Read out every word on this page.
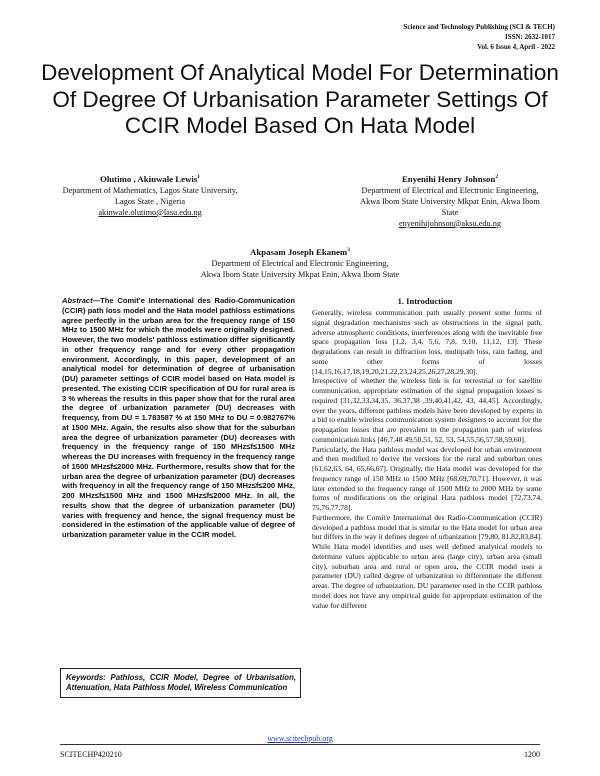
Science and Technology Publishing (SCI & TECH)
ISSN: 2632-1017
Vol. 6 Issue 4, April - 2022
Development Of Analytical Model For Determination Of Degree Of Urbanisation Parameter Settings Of CCIR Model Based On Hata Model
Olutimo , Akinwale Lewis$^1$
Department of Mathematics, Lagos State University,
Lagos State , Nigeria
akinwale.olutimo@lasu.edu.ng
Enyenihi Henry Johnson$^2$
Department of Electrical and Electronic Engineering,
Akwa Ibom State University Mkpat Enin, Akwa Ibom State
enyenihijohnson@aksu.edu.ng
Akpasam Joseph Ekanem$^3$
Department of Electrical and Electronic Engineering,
Akwa Ibom State University Mkpat Enin, Akwa Ibom State
Abstract—The Comit'e International des Radio-Communication (CCIR) path loss model and the Hata model pathloss estimations agree perfectly in the urban area for the frequency range of 150 MHz to 1500 MHz for which the models were originally designed. However, the two models' pathloss estimation differ significantly in other frequency range and for every other propagation environment. Accordingly, in this paper, development of an analytical model for determination of degree of urbanisation (DU) parameter settings of CCIR model based on Hata model is presented. The existing CCIR specification of DU for rural area is 3 % whereas the results in this paper show that for the rural area the degree of urbanization parameter (DU) decreases with frequency, from DU = 1.783587 % at 150 MHz to DU = 0.982767% at 1500 MHz. Again, the results also show that for the suburban area the degree of urbanization parameter (DU) decreases with frequency in the frequency range of 150 MHz≤f≤1500 MHz whereas the DU increases with frequency in the frequency range of 1500 MHz≤f≤2000 MHz. Furthermore, results show that for the urban area the degree of urbanization parameter (DU) decreases with frequency in all the frequency range of 150 MHz≤f≤200 MHz, 200 MHz≤f≤1500 MHz and 1500 MHz≤f≤2000 MHz. In all, the results show that the degree of urbanization parameter (DU) varies with frequency and hence, the signal frequency must be considered in the estimation of the applicable value of degree of urbanization parameter value in the CCIR model.
Keywords: Pathloss, CCIR Model, Degree of Urbanisation, Attenuation, Hata Pathloss Model, Wireless Communication
1. Introduction

Generally, wireless communication path usually present some forms of signal degradation mechanisms such as obstructions in the signal path, adverse atmospheric conditions, interferences along with the inevitable free space propagation loss [1,2, 3,4, 5,6, 7,8, 9,10, 11,12, 13]. These degradations can result in diffraction loss, multipath loss, rain fading, and some other forms of losses [14,15,16,17,18,19,20,21,22,23,24,25,26,27,28,29,30].

Irrespective of whether the wireless link is for terrestrial or for satellite communication, appropriate estimation of the signal propagation losses is required [31,32,33,34,35, 36,37,38 ,39,40,41,42, 43, 44,45]. Accordingly, over the years, different pathloss models have been developed by experts in a bid to enable wireless communication system designers to account for the propagation losses that are prevalent in the propagation path of wireless communication links [46,7,48 49,50,51, 52, 53, 54,55,56,57,58,59,60].

Particularly, the Hata pathloss model was developed for urban environment and then modified to derive the versions for the rural and suburban ones [61,62,63, 64, 65,66,67]. Originally, the Hata model was developed for the frequency range of 150 MHz to 1500 MHz [68,69,70,71]. However, it was later extended to the frequency range of 1500 MHz to 2000 MHz by some forms of modifications on the original Hata pathloss model [72,73,74, 75,76,77,78].

Furthermore, the Comit'e International des Radio-Communication (CCIR) developed a pathloss model that is similar to the Hata model for urban area but differs in the way it defines degree of urbanization [79,80, 81,82,83,84]. While Hata model identifies and uses well defined analytical models to determine values applicable to urban area (large city), urban area (small city), suburban area and rural or open area, the CCIR model uses a parameter (DU) called degree of urbanization to differentiate the different areas. The degree of urbanization, DU parameter used in the CCIR pathloss model does not have any empirical guide for appropriate estimation of the value for different

www.scitechpub.org
SCITECHP420210	1200
